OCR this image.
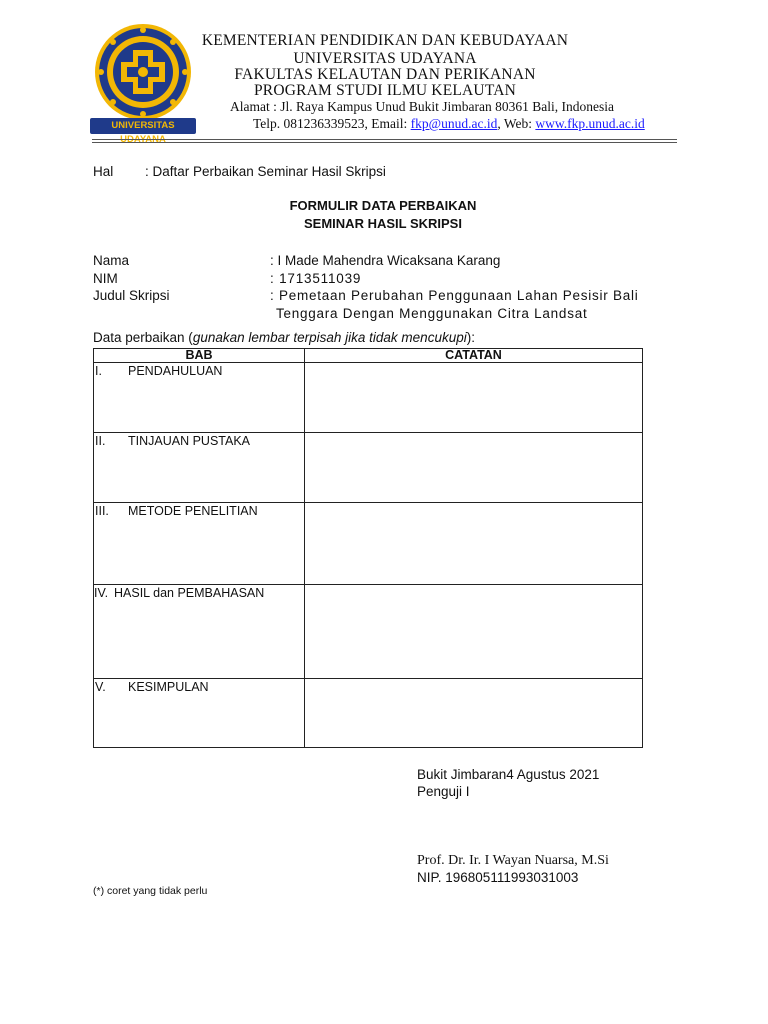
UNIVERSITAS
KEMENTERIAN PENDIDIKAN DAN KEBUDAYAAN
UNIVERSITAS UDAYANA
FAKULTAS KELAUTAN DAN PERIKANAN
PROGRAM STUDI ILMU KELAUTAN
Alamat : Jl. Raya Kampus Unud Bukit Jimbaran 80361 Bali, Indonesia
Telp. 081236339523, Email: fkp@unud.ac.id, Web: www.fkp.unud.ac.id
Hal : Daftar Perbaikan Seminar Hasil Skripsi
FORMULIR DATA PERBAIKAN
SEMINAR HASIL SKRIPSI
Nama	: I Made Mahendra Wicaksana Karang
NIM	: 1713511039
Judul Skripsi	: Pemetaan Perubahan Penggunaan Lahan Pesisir Bali
Tenggara Dengan Menggunakan Citra Landsat
Data perbaikan (gunakan lembar terpisah jika tidak mencukupi):
BAB	CATATAN

I. PENDAHULUAN	

II. TINJAUAN PUSTAKA	

III. METODE PENELITIAN	

IV. HASIL dan PEMBAHASAN	

V. KESIMPULAN	

Bukit Jimbaran4 Agustus 2021
Penguji I
Prof. Dr. Ir. I Wayan Nuarsa, M.Si
NIP. 196805111993031003
(*) coret yang tidak perlu
